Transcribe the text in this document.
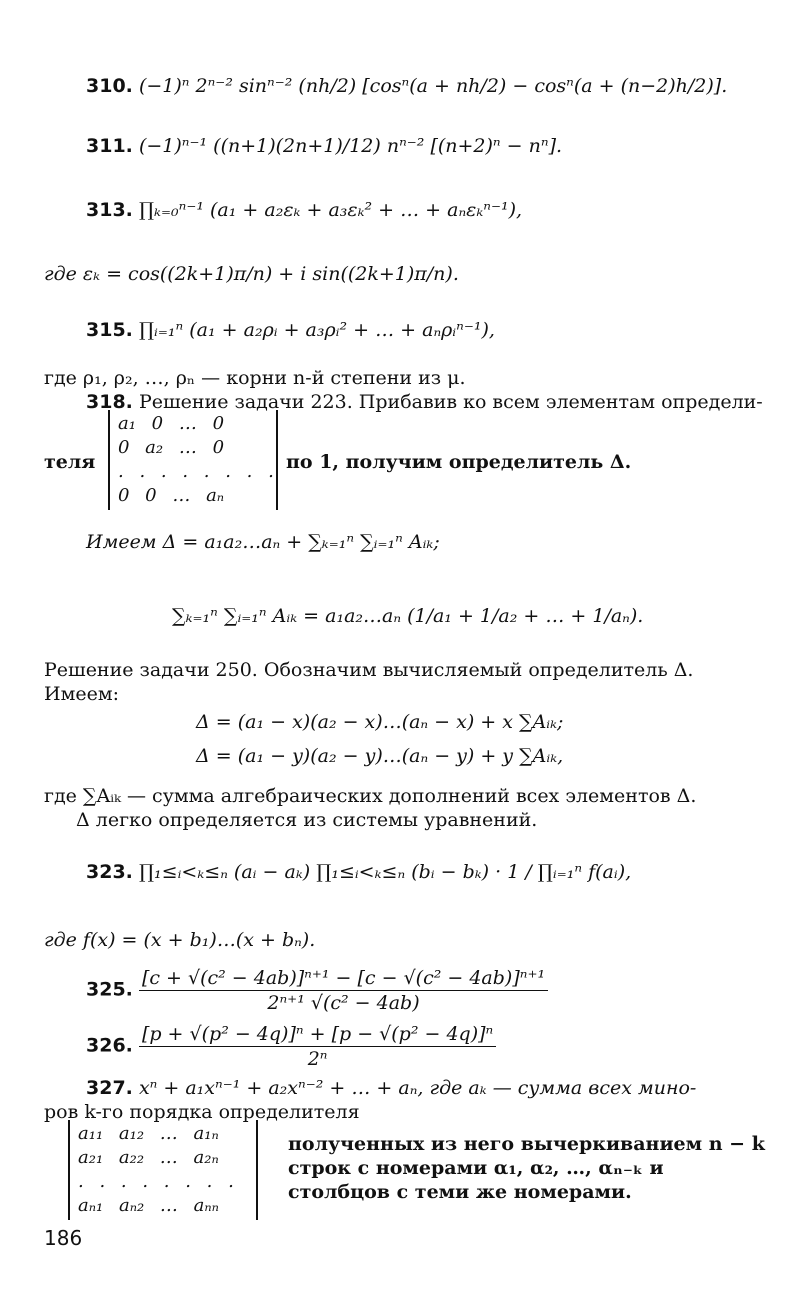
310. (−1)ⁿ 2ⁿ⁻² sinⁿ⁻² (nh/2) [cosⁿ(a + nh/2) − cosⁿ(a + (n−2)h/2)].
311. (−1)ⁿ⁻¹ ((n+1)(2n+1)/12) nⁿ⁻² [(n+2)ⁿ − nⁿ].
313. ∏ₖ₌₀ⁿ⁻¹ (a₁ + a₂εₖ + a₃εₖ² + … + aₙεₖⁿ⁻¹),
где εₖ = cos((2k+1)π/n) + i sin((2k+1)π/n).
315. ∏ᵢ₌₁ⁿ (a₁ + a₂ρᵢ + a₃ρᵢ² + … + aₙρᵢⁿ⁻¹),
где ρ₁, ρ₂, …, ρₙ — корни n-й степени из μ.
318. Решение задачи 223. Прибавив ко всем элементам определи-
теля
a₁ 0 … 0
0 a₂ … 0
. . . . . . . .
0 0 … aₙ
по 1, получим определитель Δ.
Имеем Δ = a₁a₂…aₙ + ∑ₖ₌₁ⁿ ∑ᵢ₌₁ⁿ Aᵢₖ;
∑ₖ₌₁ⁿ ∑ᵢ₌₁ⁿ Aᵢₖ = a₁a₂…aₙ (1/a₁ + 1/a₂ + … + 1/aₙ).
Решение задачи 250. Обозначим вычисляемый определитель Δ.
Имеем:
Δ = (a₁ − x)(a₂ − x)…(aₙ − x) + x ∑Aᵢₖ;
Δ = (a₁ − y)(a₂ − y)…(aₙ − y) + y ∑Aᵢₖ,
где ∑Aᵢₖ — сумма алгебраических дополнений всех элементов Δ.
Δ легко определяется из системы уравнений.
323. ∏₁≤ᵢ<ₖ≤ₙ (aᵢ − aₖ) ∏₁≤ᵢ<ₖ≤ₙ (bᵢ − bₖ) · 1 / ∏ᵢ₌₁ⁿ f(aᵢ),
где f(x) = (x + b₁)…(x + bₙ).
325. $\frac{\text{[c + √(c² − 4ab)]ⁿ⁺¹ − [c − √(c² − 4ab)]ⁿ⁺¹}}{\text{2ⁿ⁺¹ √(c² − 4ab)}}$
326. $\frac{\text{[p + √(p² − 4q)]ⁿ + [p − √(p² − 4q)]ⁿ}}{\text{2ⁿ}}$
327. xⁿ + a₁xⁿ⁻¹ + a₂xⁿ⁻² + … + aₙ, где aₖ — сумма всех мино-
ров k-го порядка определителя
a₁₁ a₁₂ … a₁ₙ
a₂₁ a₂₂ … a₂ₙ
. . . . . . . .
aₙ₁ aₙ₂ … aₙₙ
полученных из него вычеркиванием n − k
строк с номерами α₁, α₂, …, αₙ₋ₖ и
столбцов с теми же номерами.
186
